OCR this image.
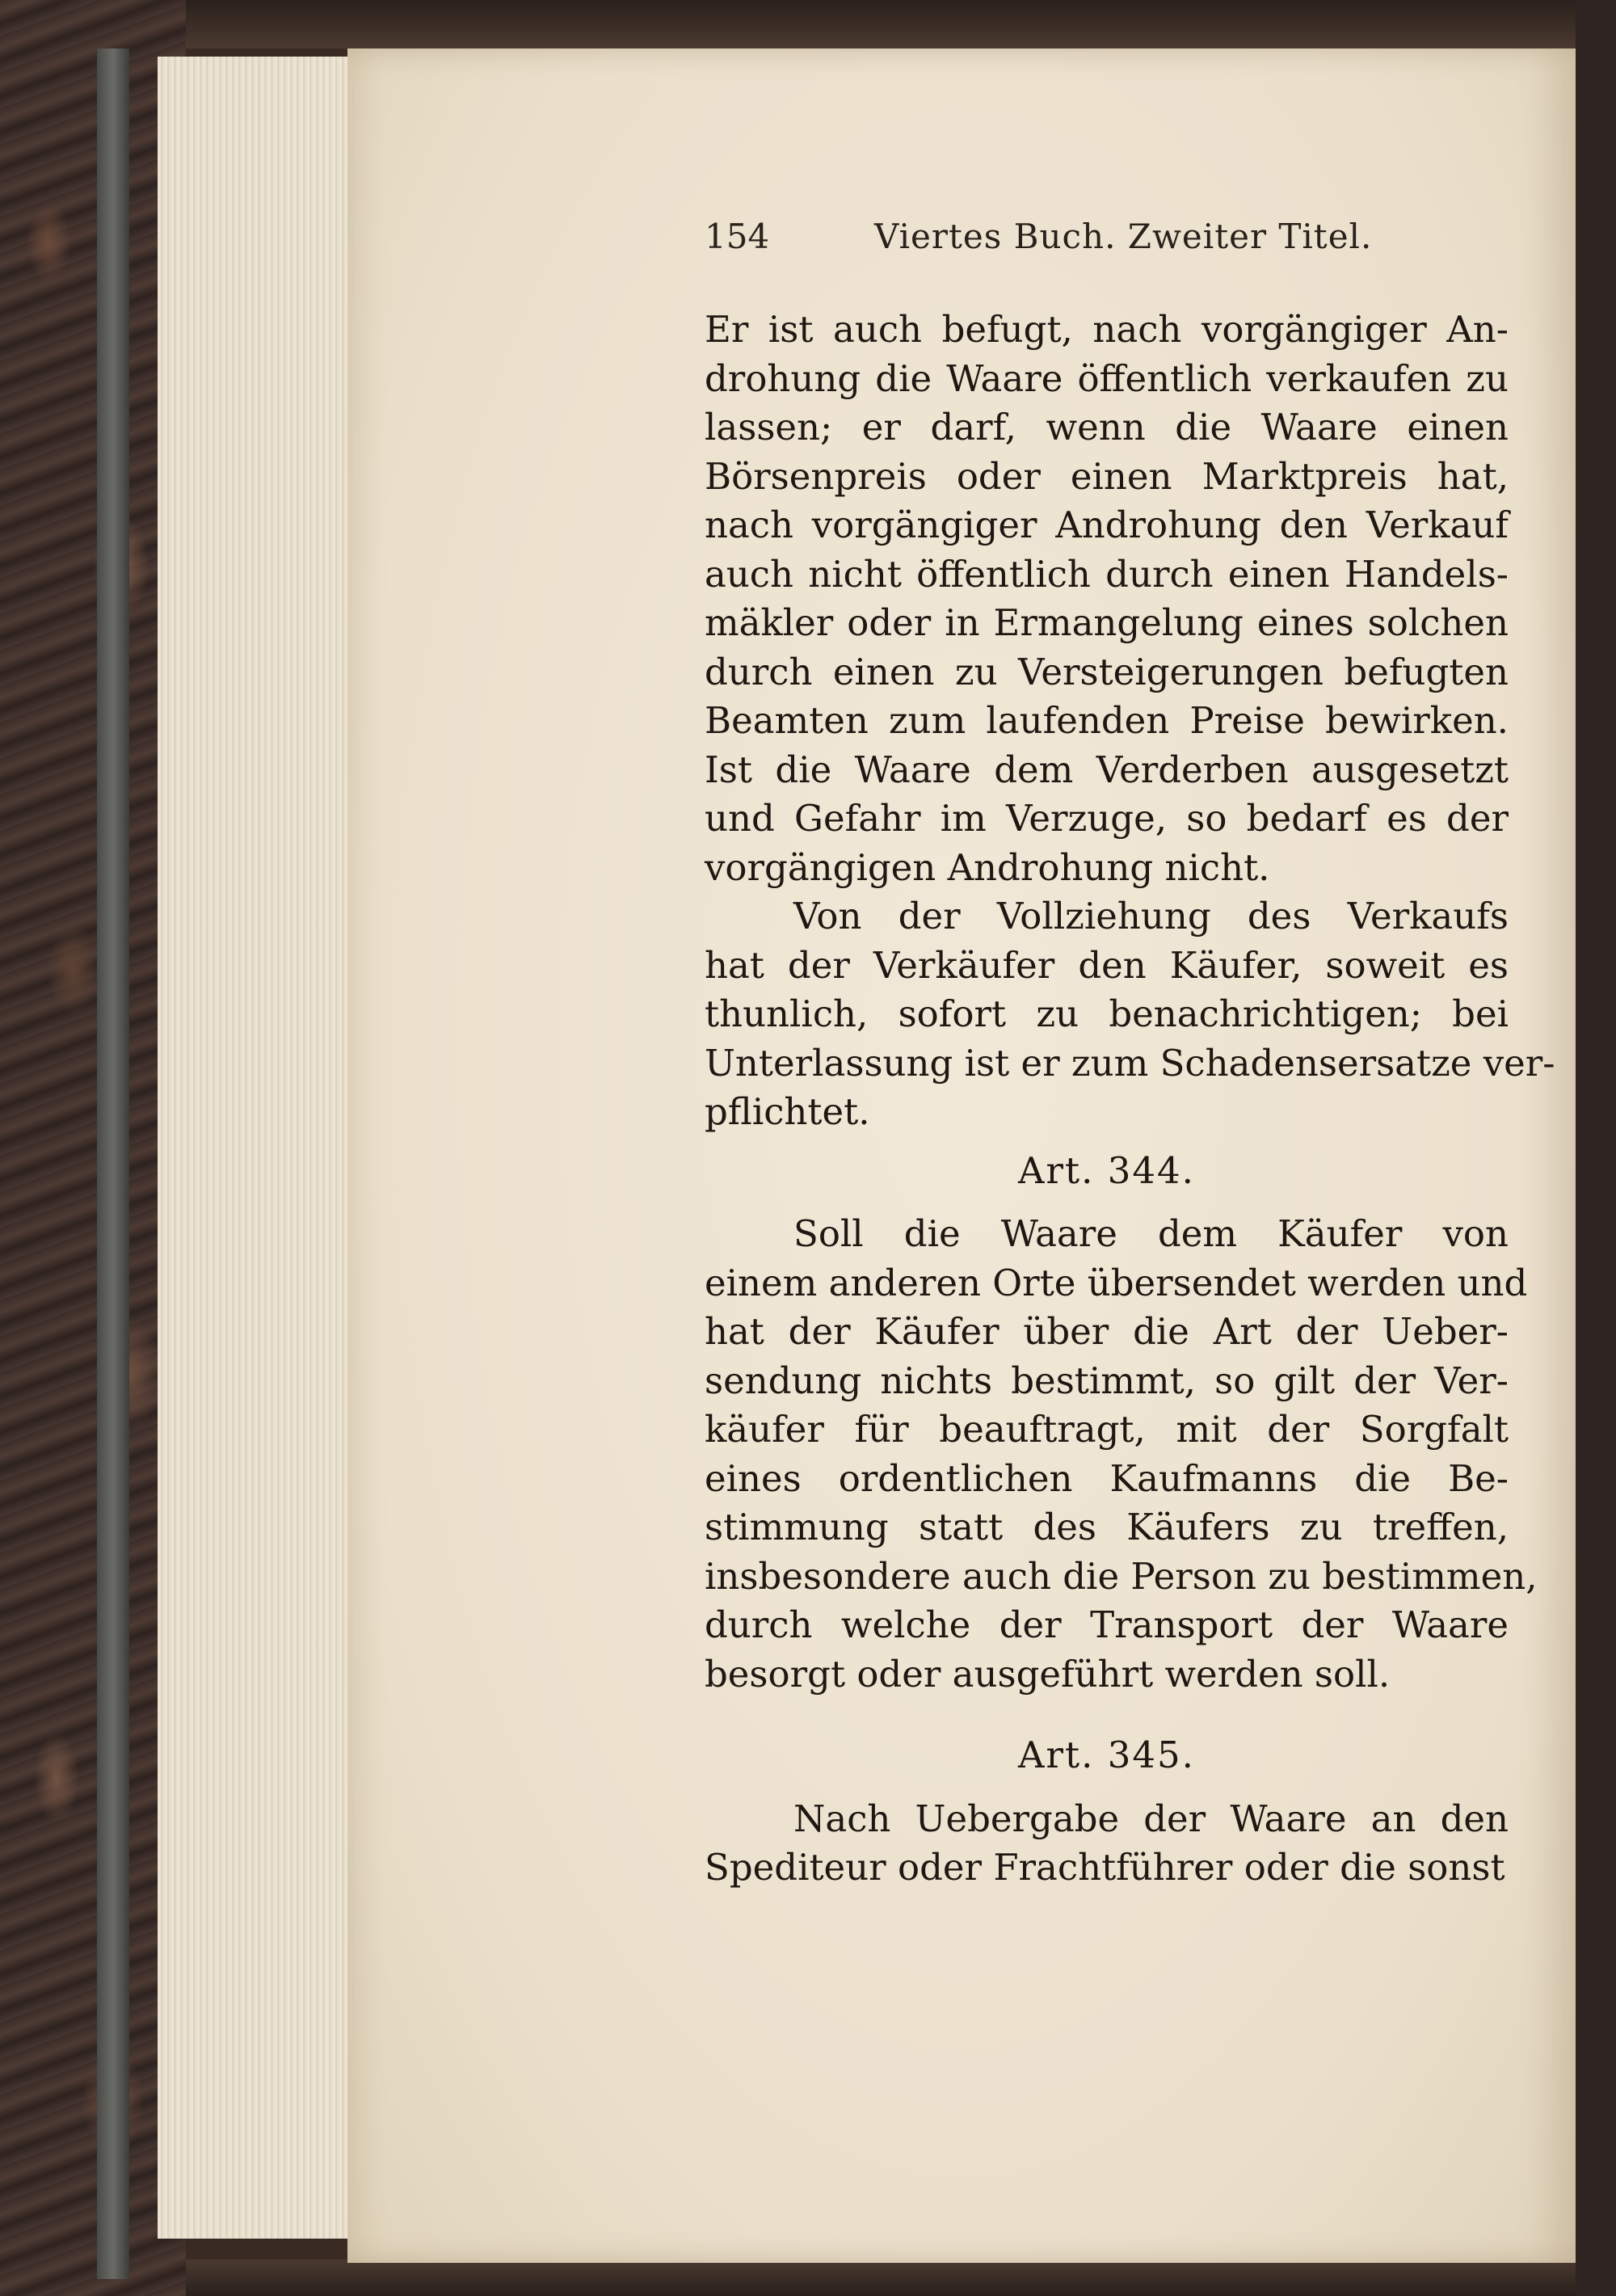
154	Viertes Buch. Zweiter Titel.
Er ist auch befugt, nach vorgängiger An-
drohung die Waare öffentlich verkaufen zu
lassen; er darf, wenn die Waare einen
Börsenpreis oder einen Marktpreis hat,
nach vorgängiger Androhung den Verkauf
auch nicht öffentlich durch einen Handels-
mäkler oder in Ermangelung eines solchen
durch einen zu Versteigerungen befugten
Beamten zum laufenden Preise bewirken.
Ist die Waare dem Verderben ausgesetzt
und Gefahr im Verzuge, so bedarf es der
vorgängigen Androhung nicht.
Von der Vollziehung des Verkaufs
hat der Verkäufer den Käufer, soweit es
thunlich, sofort zu benachrichtigen; bei
Unterlassung ist er zum Schadensersatze ver-
pflichtet.
Art. 344.
Soll die Waare dem Käufer von
einem anderen Orte übersendet werden und
hat der Käufer über die Art der Ueber-
sendung nichts bestimmt, so gilt der Ver-
käufer für beauftragt, mit der Sorgfalt
eines ordentlichen Kaufmanns die Be-
stimmung statt des Käufers zu treffen,
insbesondere auch die Person zu bestimmen,
durch welche der Transport der Waare
besorgt oder ausgeführt werden soll.
Art. 345.
Nach Uebergabe der Waare an den
Spediteur oder Frachtführer oder die sonst
